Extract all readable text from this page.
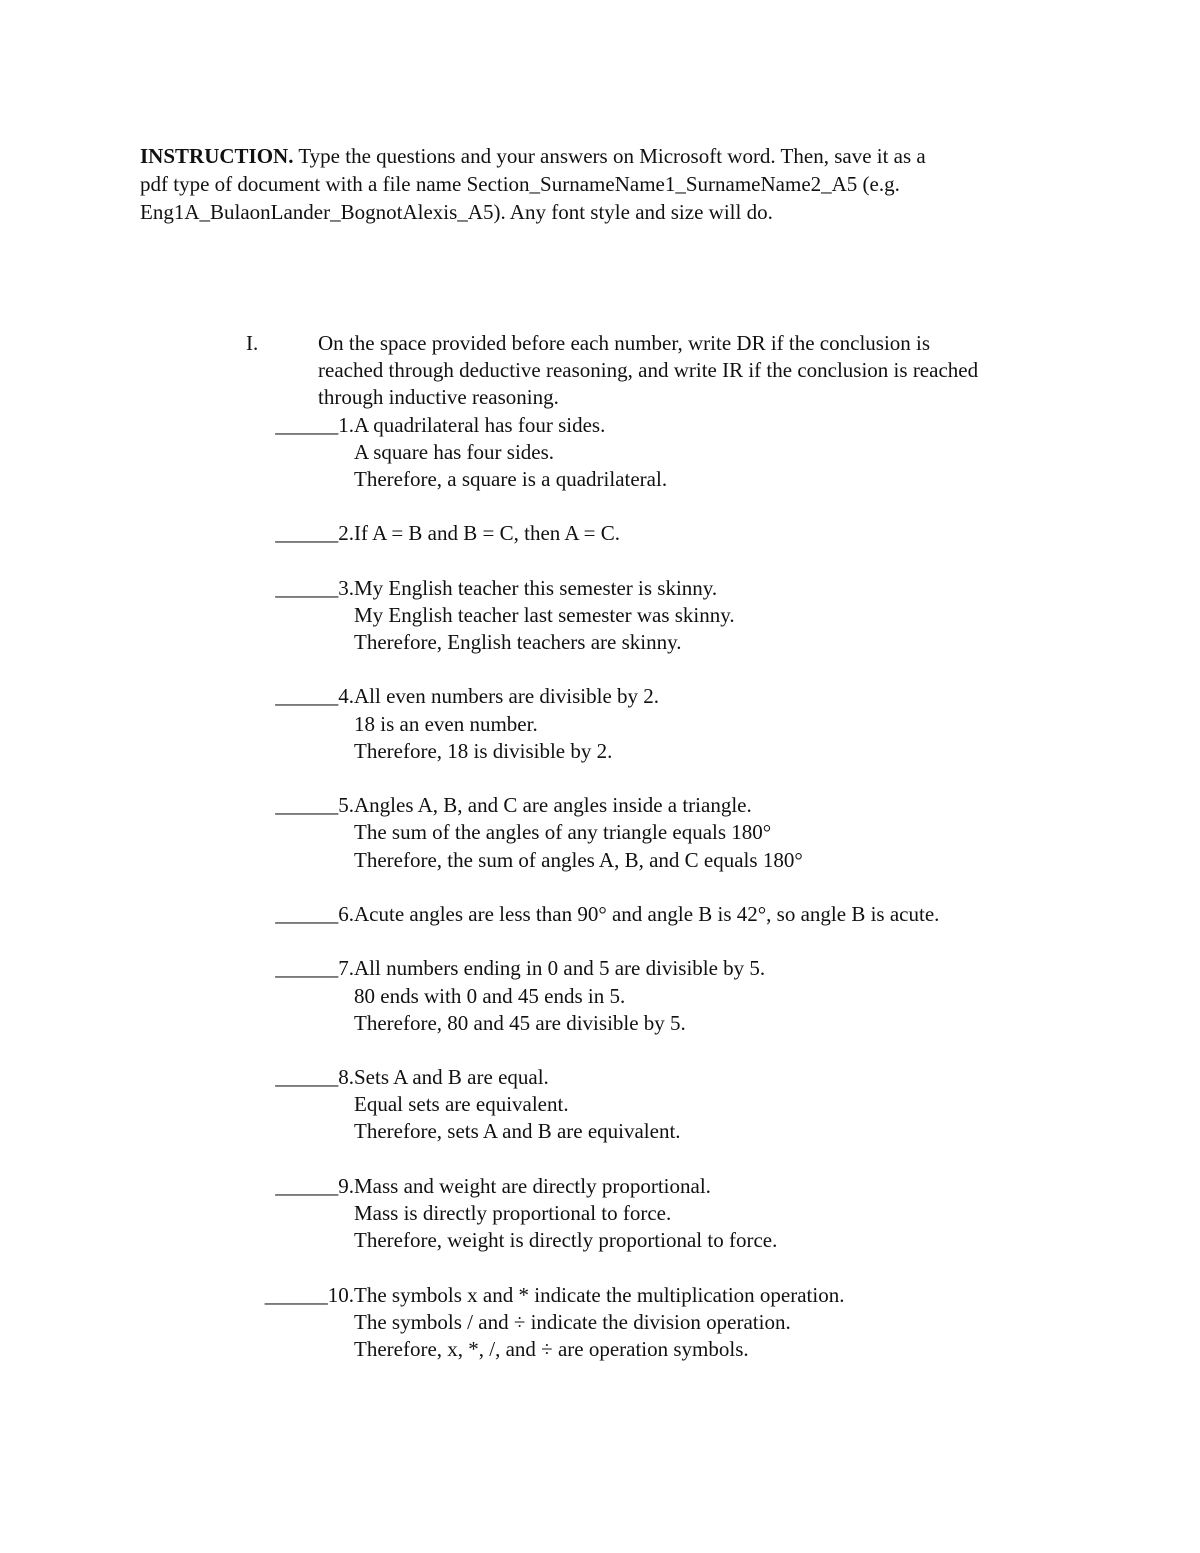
INSTRUCTION. Type the questions and your answers on Microsoft word. Then, save it as a
pdf type of document with a file name Section_SurnameName1_SurnameName2_A5 (e.g.
Eng1A_BulaonLander_BognotAlexis_A5). Any font style and size will do.
I.	On the space provided before each number, write DR if the conclusion is
reached through deductive reasoning, and write IR if the conclusion is reached
through inductive reasoning.
______1. A quadrilateral has four sides.
A square has four sides.
Therefore, a square is a quadrilateral.
______2. If A = B and B = C, then A = C.
______3. My English teacher this semester is skinny.
My English teacher last semester was skinny.
Therefore, English teachers are skinny.
______4. All even numbers are divisible by 2.
18 is an even number.
Therefore, 18 is divisible by 2.
______5. Angles A, B, and C are angles inside a triangle.
The sum of the angles of any triangle equals 180°
Therefore, the sum of angles A, B, and C equals 180°
______6. Acute angles are less than 90° and angle B is 42°, so angle B is acute.
______7. All numbers ending in 0 and 5 are divisible by 5.
80 ends with 0 and 45 ends in 5.
Therefore, 80 and 45 are divisible by 5.
______8. Sets A and B are equal.
Equal sets are equivalent.
Therefore, sets A and B are equivalent.
______9. Mass and weight are directly proportional.
Mass is directly proportional to force.
Therefore, weight is directly proportional to force.
______10. The symbols x and * indicate the multiplication operation.
The symbols / and ÷ indicate the division operation.
Therefore, x, *, /, and ÷ are operation symbols.
